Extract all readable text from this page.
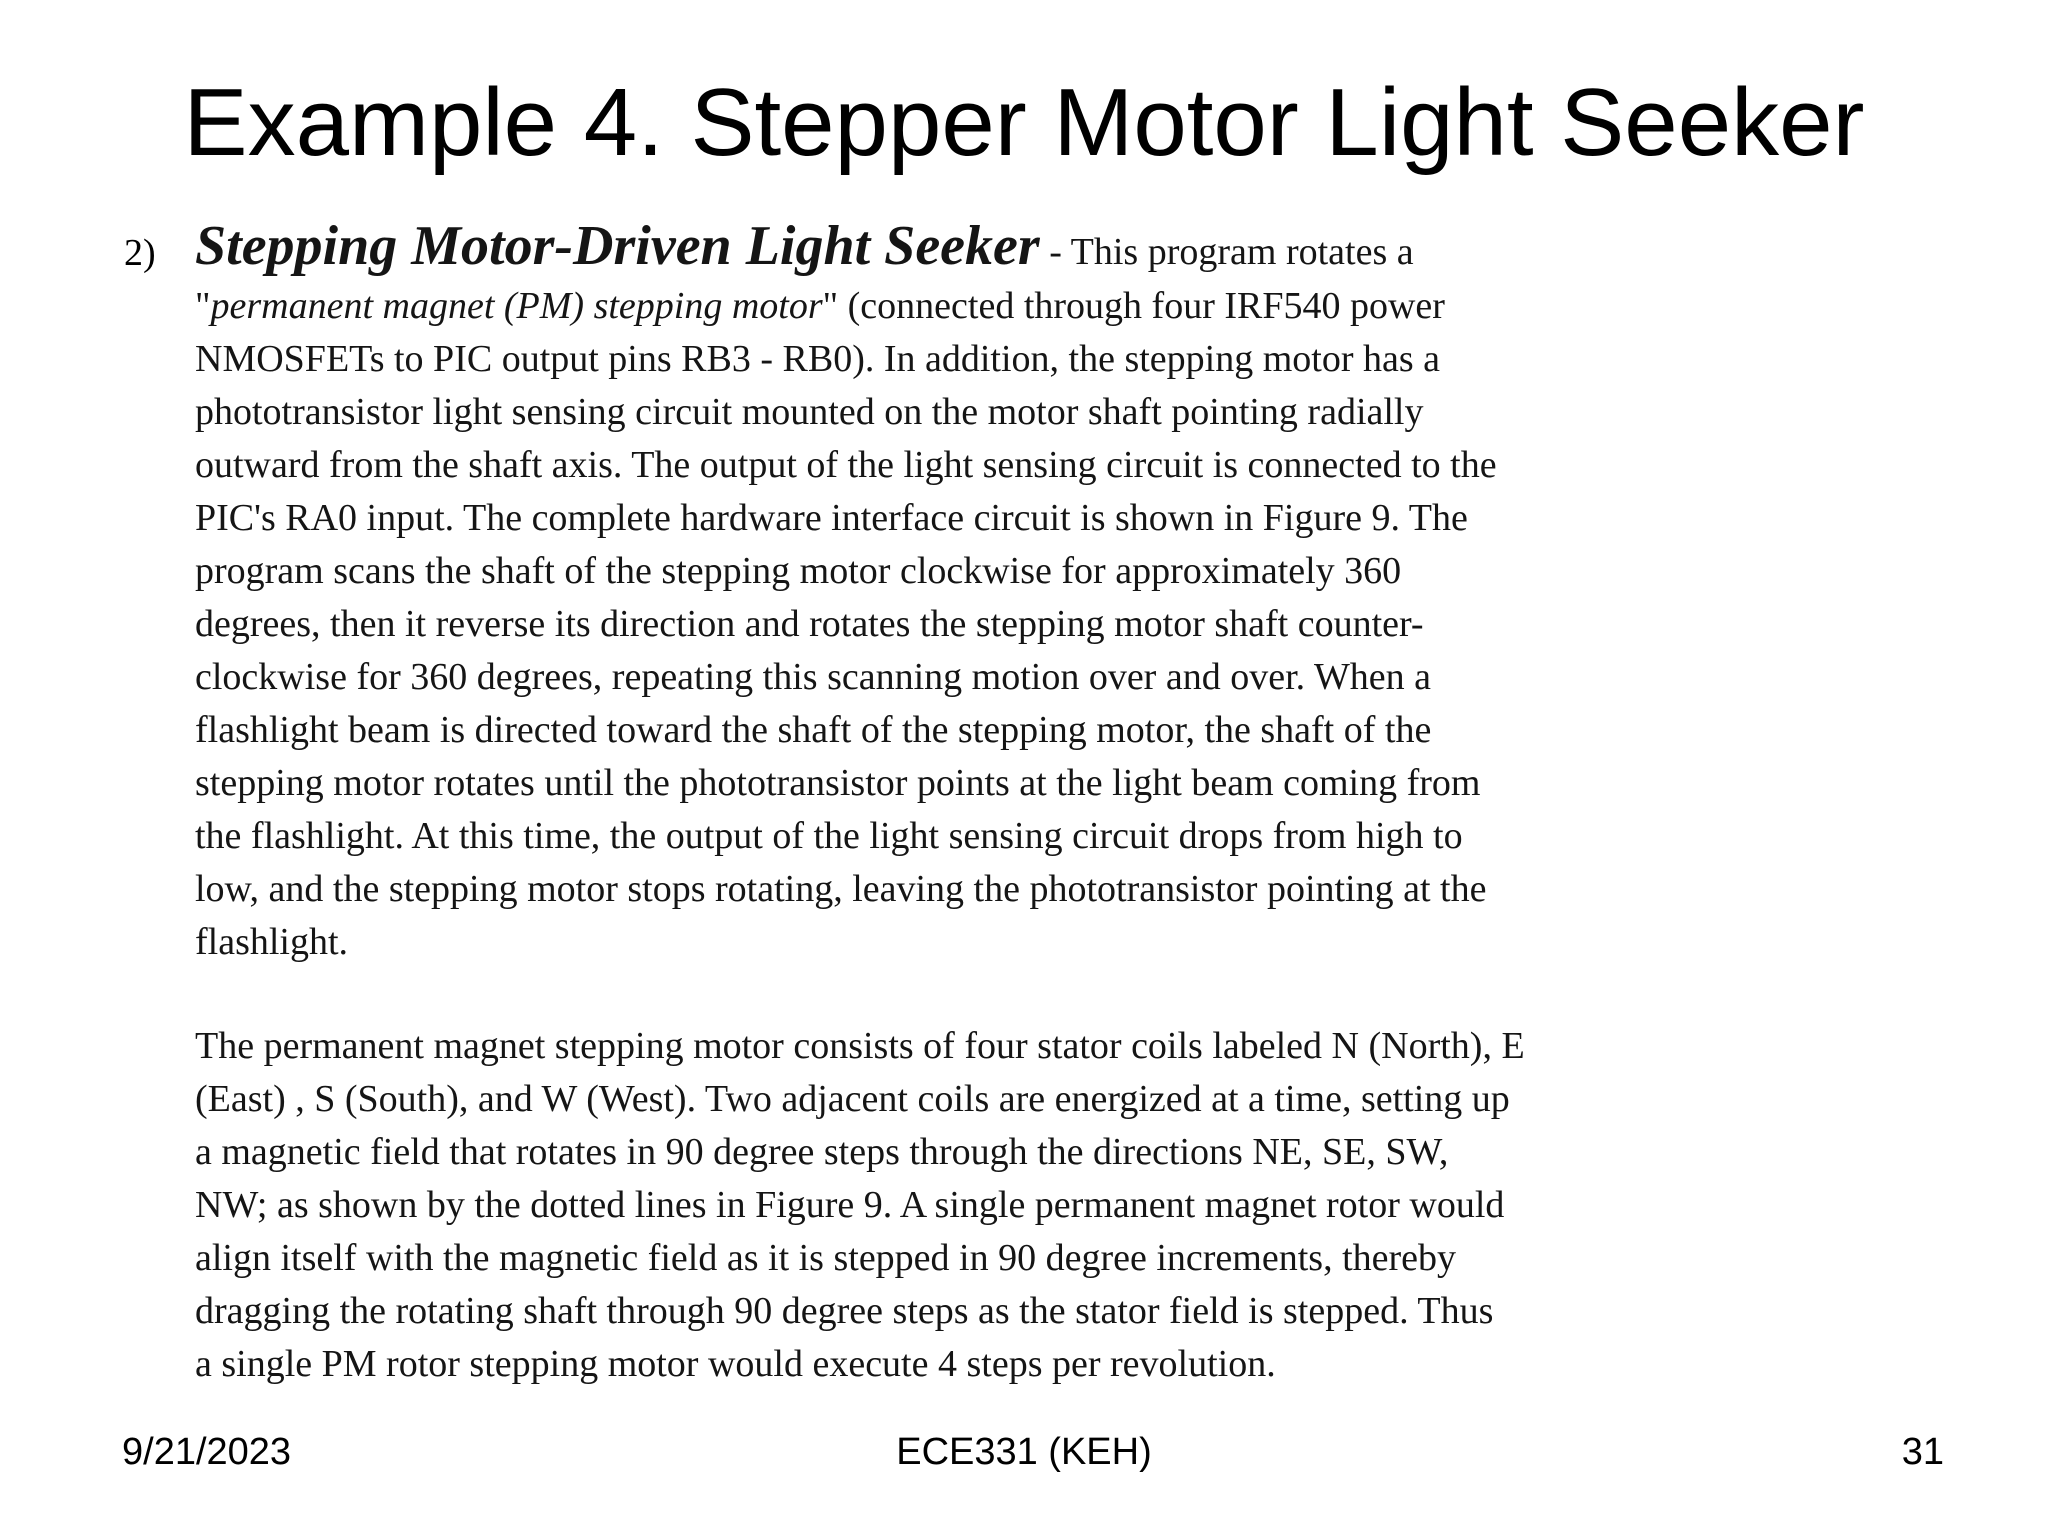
Example 4. Stepper Motor Light Seeker
2) Stepping Motor-Driven Light Seeker - This program rotates a
"permanent magnet (PM) stepping motor" (connected through four IRF540 power
NMOSFETs to PIC output pins RB3 - RB0). In addition, the stepping motor has a
phototransistor light sensing circuit mounted on the motor shaft pointing radially
outward from the shaft axis. The output of the light sensing circuit is connected to the
PIC's RA0 input. The complete hardware interface circuit is shown in Figure 9. The
program scans the shaft of the stepping motor clockwise for approximately 360
degrees, then it reverse its direction and rotates the stepping motor shaft counter-
clockwise for 360 degrees, repeating this scanning motion over and over. When a
flashlight beam is directed toward the shaft of the stepping motor, the shaft of the
stepping motor rotates until the phototransistor points at the light beam coming from
the flashlight. At this time, the output of the light sensing circuit drops from high to
low, and the stepping motor stops rotating, leaving the phototransistor pointing at the
flashlight.
The permanent magnet stepping motor consists of four stator coils labeled N (North), E
(East) , S (South), and W (West). Two adjacent coils are energized at a time, setting up
a magnetic field that rotates in 90 degree steps through the directions NE, SE, SW,
NW; as shown by the dotted lines in Figure 9. A single permanent magnet rotor would
align itself with the magnetic field as it is stepped in 90 degree increments, thereby
dragging the rotating shaft through 90 degree steps as the stator field is stepped. Thus
a single PM rotor stepping motor would execute 4 steps per revolution.
9/21/2023	ECE331 (KEH)	31
